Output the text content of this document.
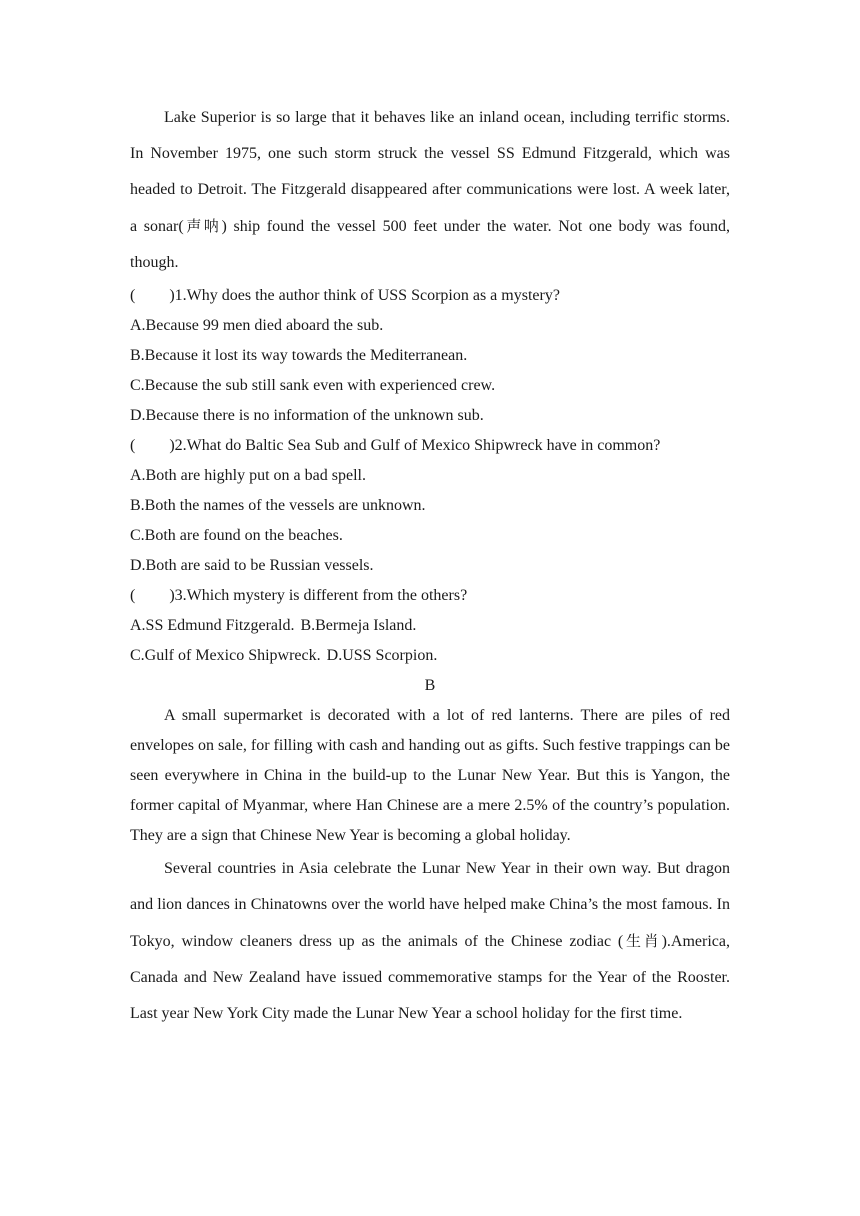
Lake Superior is so large that it behaves like an inland ocean, including terrific storms. In November 1975, one such storm struck the vessel SS Edmund Fitzgerald, which was headed to Detroit. The Fitzgerald disappeared after communications were lost. A week later, a sonar(声呐) ship found the vessel 500 feet under the water. Not one body was found, though.

( )1.Why does the author think of USS Scorpion as a mystery?

A.Because 99 men died aboard the sub.

B.Because it lost its way towards the Mediterranean.

C.Because the sub still sank even with experienced crew.

D.Because there is no information of the unknown sub.

( )2.What do Baltic Sea Sub and Gulf of Mexico Shipwreck have in common?

A.Both are highly put on a bad spell.

B.Both the names of the vessels are unknown.

C.Both are found on the beaches.

D.Both are said to be Russian vessels.

( )3.Which mystery is different from the others?

A.SS Edmund Fitzgerald. B.Bermeja Island.

C.Gulf of Mexico Shipwreck. D.USS Scorpion.

B

A small supermarket is decorated with a lot of red lanterns. There are piles of red envelopes on sale, for filling with cash and handing out as gifts. Such festive trappings can be seen everywhere in China in the build-up to the Lunar New Year. But this is Yangon, the former capital of Myanmar, where Han Chinese are a mere 2.5% of the country’s population. They are a sign that Chinese New Year is becoming a global holiday.

Several countries in Asia celebrate the Lunar New Year in their own way. But dragon and lion dances in Chinatowns over the world have helped make China’s the most famous. In Tokyo, window cleaners dress up as the animals of the Chinese zodiac (生肖).America, Canada and New Zealand have issued commemorative stamps for the Year of the Rooster. Last year New York City made the Lunar New Year a school holiday for the first time.
